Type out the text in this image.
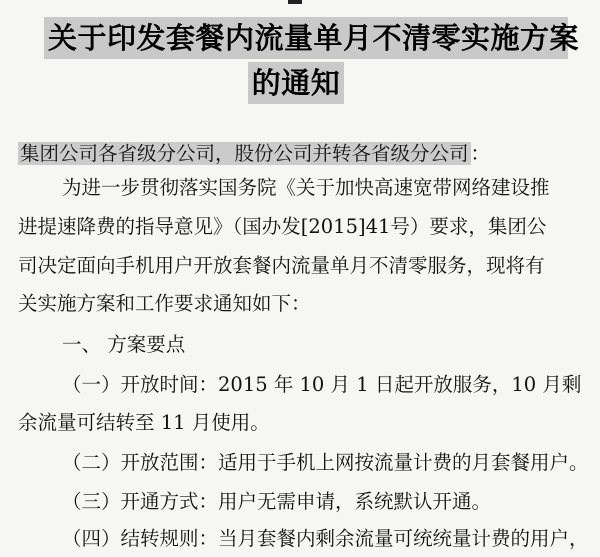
关于印发套餐内流量单月不清零实施方案
的通知
集团公司各省级分公司，股份公司并转各省级分公司 ：
为进一步贯彻落实国务院《关于加快高速宽带网络建设推
进提速降费的指导意见》（国办发[2015]41号）要求，集团公
司决定面向手机用户开放套餐内流量单月不清零服务，现将有
关实施方案和工作要求通知如下：
一、 方案要点
（一）开放时间：2015 年 10 月 1 日起开放服务，10 月剩
余流量可结转至 11 月使用。
（二）开放范围：适用于手机上网按流量计费的月套餐用户。
（三）开通方式：用户无需申请，系统默认开通。
（四）结转规则：当月套餐内剩余流量可统统量计费的用户，
